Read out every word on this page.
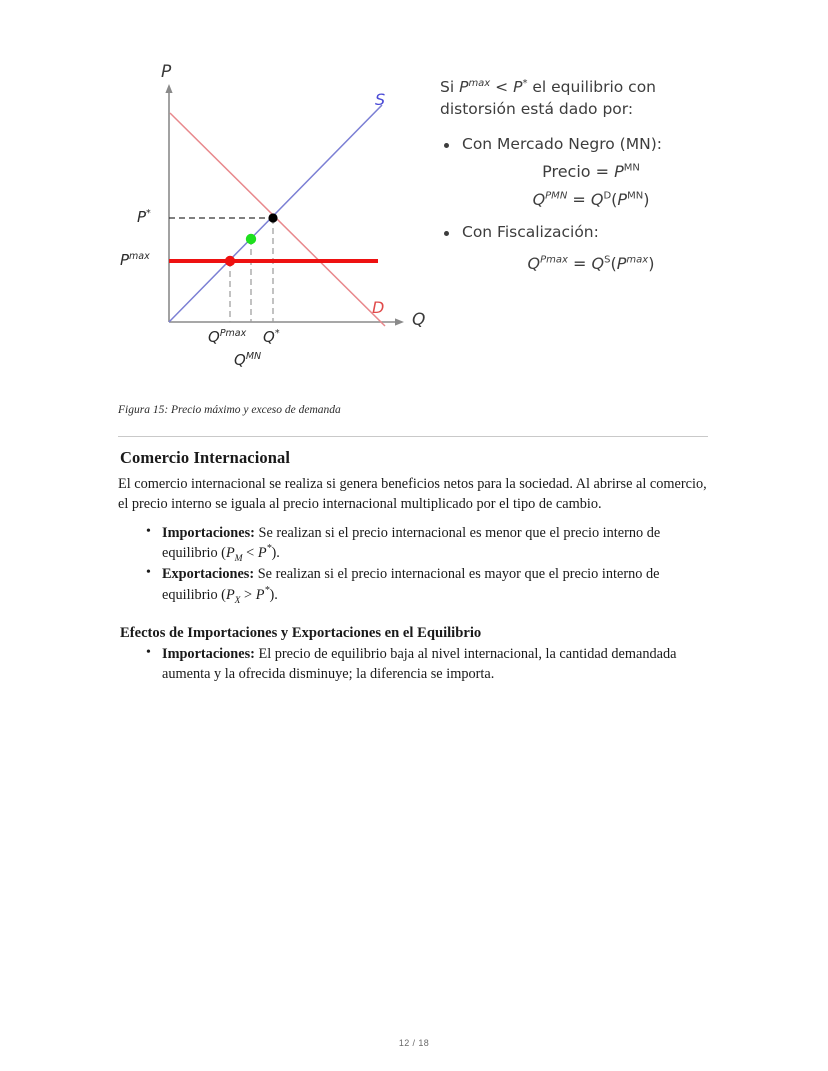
P
Q
S
D
P*
$P^{max}$
$Q^{Pmax}$ Q*
$Q^{MN}$

Si $P^{max} < P^*$ el equilibrio con distorsión está dado por:

Con Mercado Negro (MN):
Precio = $P^{MN}$
$Q^{PMN} = Q^D(P^{MN})$
Con Fiscalización:
$Q^{Pmax} = Q^S(P^{max})$
Figura 15: Precio máximo y exceso de demanda
Comercio Internacional

El comercio internacional se realiza si genera beneficios netos para la sociedad. Al abrirse al comercio, el precio interno se iguala al precio internacional multiplicado por el tipo de cambio.

• Importaciones: Se realizan si el precio internacional es menor que el precio interno de equilibrio $(P_M < P^*)$.
• Exportaciones: Se realizan si el precio internacional es mayor que el precio interno de equilibrio $(P_X > P^*)$.
Efectos de Importaciones y Exportaciones en el Equilibrio
• Importaciones: El precio de equilibrio baja al nivel internacional, la cantidad demandada aumenta y la ofrecida disminuye; la diferencia se importa.
12 / 18
